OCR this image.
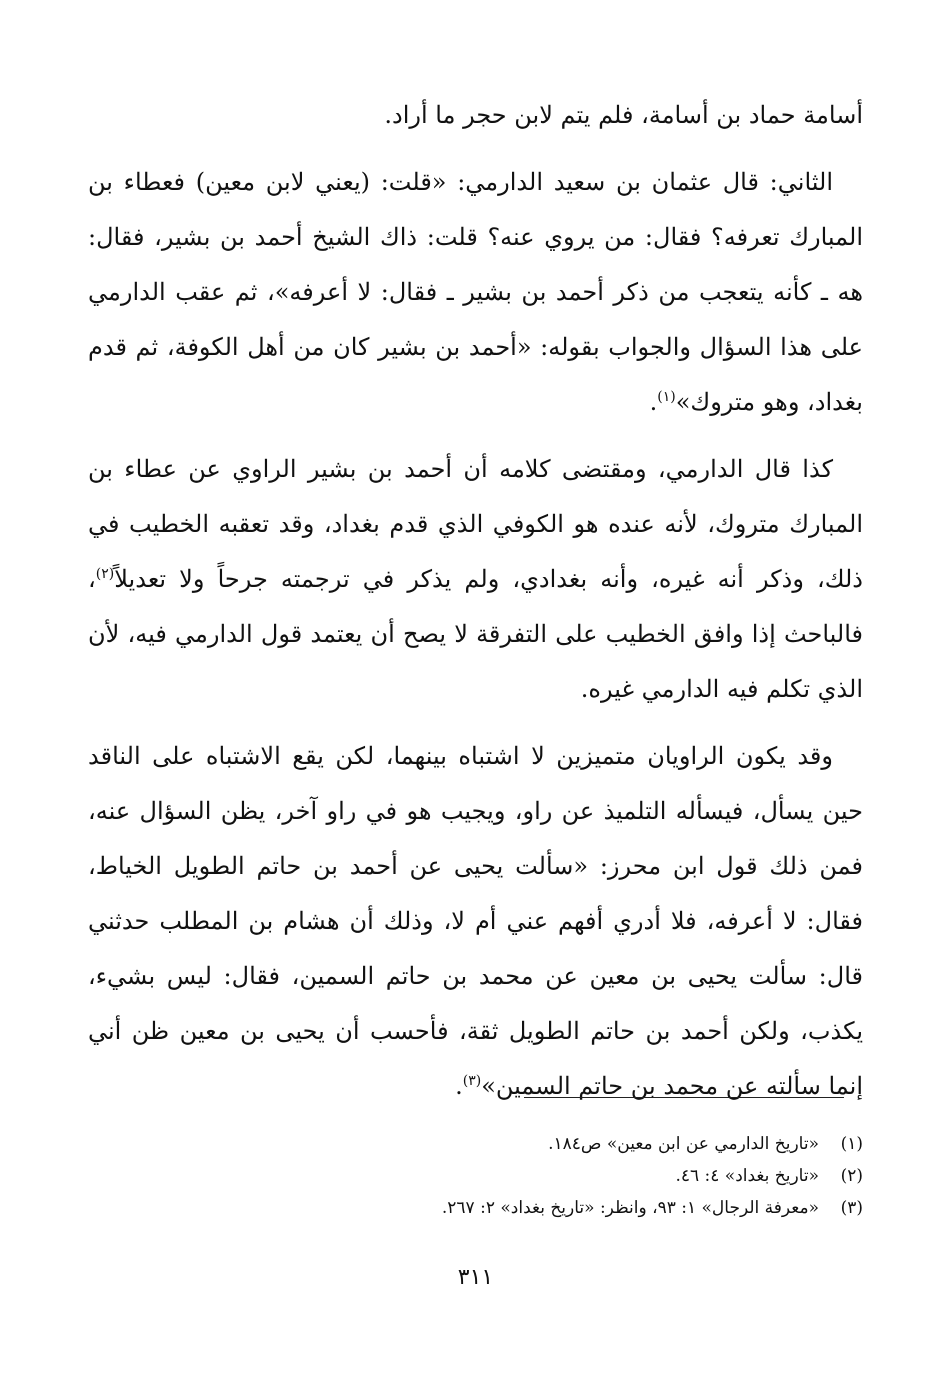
أسامة حماد بن أسامة، فلم يتم لابن حجر ما أراد.

الثاني: قال عثمان بن سعيد الدارمي: «قلت: (يعني لابن معين) فعطاء بن المبارك تعرفه؟ فقال: من يروي عنه؟ قلت: ذاك الشيخ أحمد بن بشير، فقال: هه ـ كأنه يتعجب من ذكر أحمد بن بشير ـ فقال: لا أعرفه»، ثم عقب الدارمي على هذا السؤال والجواب بقوله: «أحمد بن بشير كان من أهل الكوفة، ثم قدم بغداد، وهو متروك»$^{(١)}$.

كذا قال الدارمي، ومقتضى كلامه أن أحمد بن بشير الراوي عن عطاء بن المبارك متروك، لأنه عنده هو الكوفي الذي قدم بغداد، وقد تعقبه الخطيب في ذلك، وذكر أنه غيره، وأنه بغدادي، ولم يذكر في ترجمته جرحاً ولا تعديلاً$^{(٢)}$، فالباحث إذا وافق الخطيب على التفرقة لا يصح أن يعتمد قول الدارمي فيه، لأن الذي تكلم فيه الدارمي غيره.

وقد يكون الراويان متميزين لا اشتباه بينهما، لكن يقع الاشتباه على الناقد حين يسأل، فيسأله التلميذ عن راو، ويجيب هو في راو آخر، يظن السؤال عنه، فمن ذلك قول ابن محرز: «سألت يحيى عن أحمد بن حاتم الطويل الخياط، فقال: لا أعرفه، فلا أدري أفهم عني أم لا، وذلك أن هشام بن المطلب حدثني قال: سألت يحيى بن معين عن محمد بن حاتم السمين، فقال: ليس بشيء، يكذب، ولكن أحمد بن حاتم الطويل ثقة، فأحسب أن يحيى بن معين ظن أني إنما سألته عن محمد بن حاتم السمين»$^{(٣)}$.

(١)
«تاريخ الدارمي عن ابن معين» ص١٨٤.
(٢)
«تاريخ بغداد» ٤: ٤٦.
(٣)
«معرفة الرجال» ١: ٩٣، وانظر: «تاريخ بغداد» ٢: ٢٦٧.
٣١١
